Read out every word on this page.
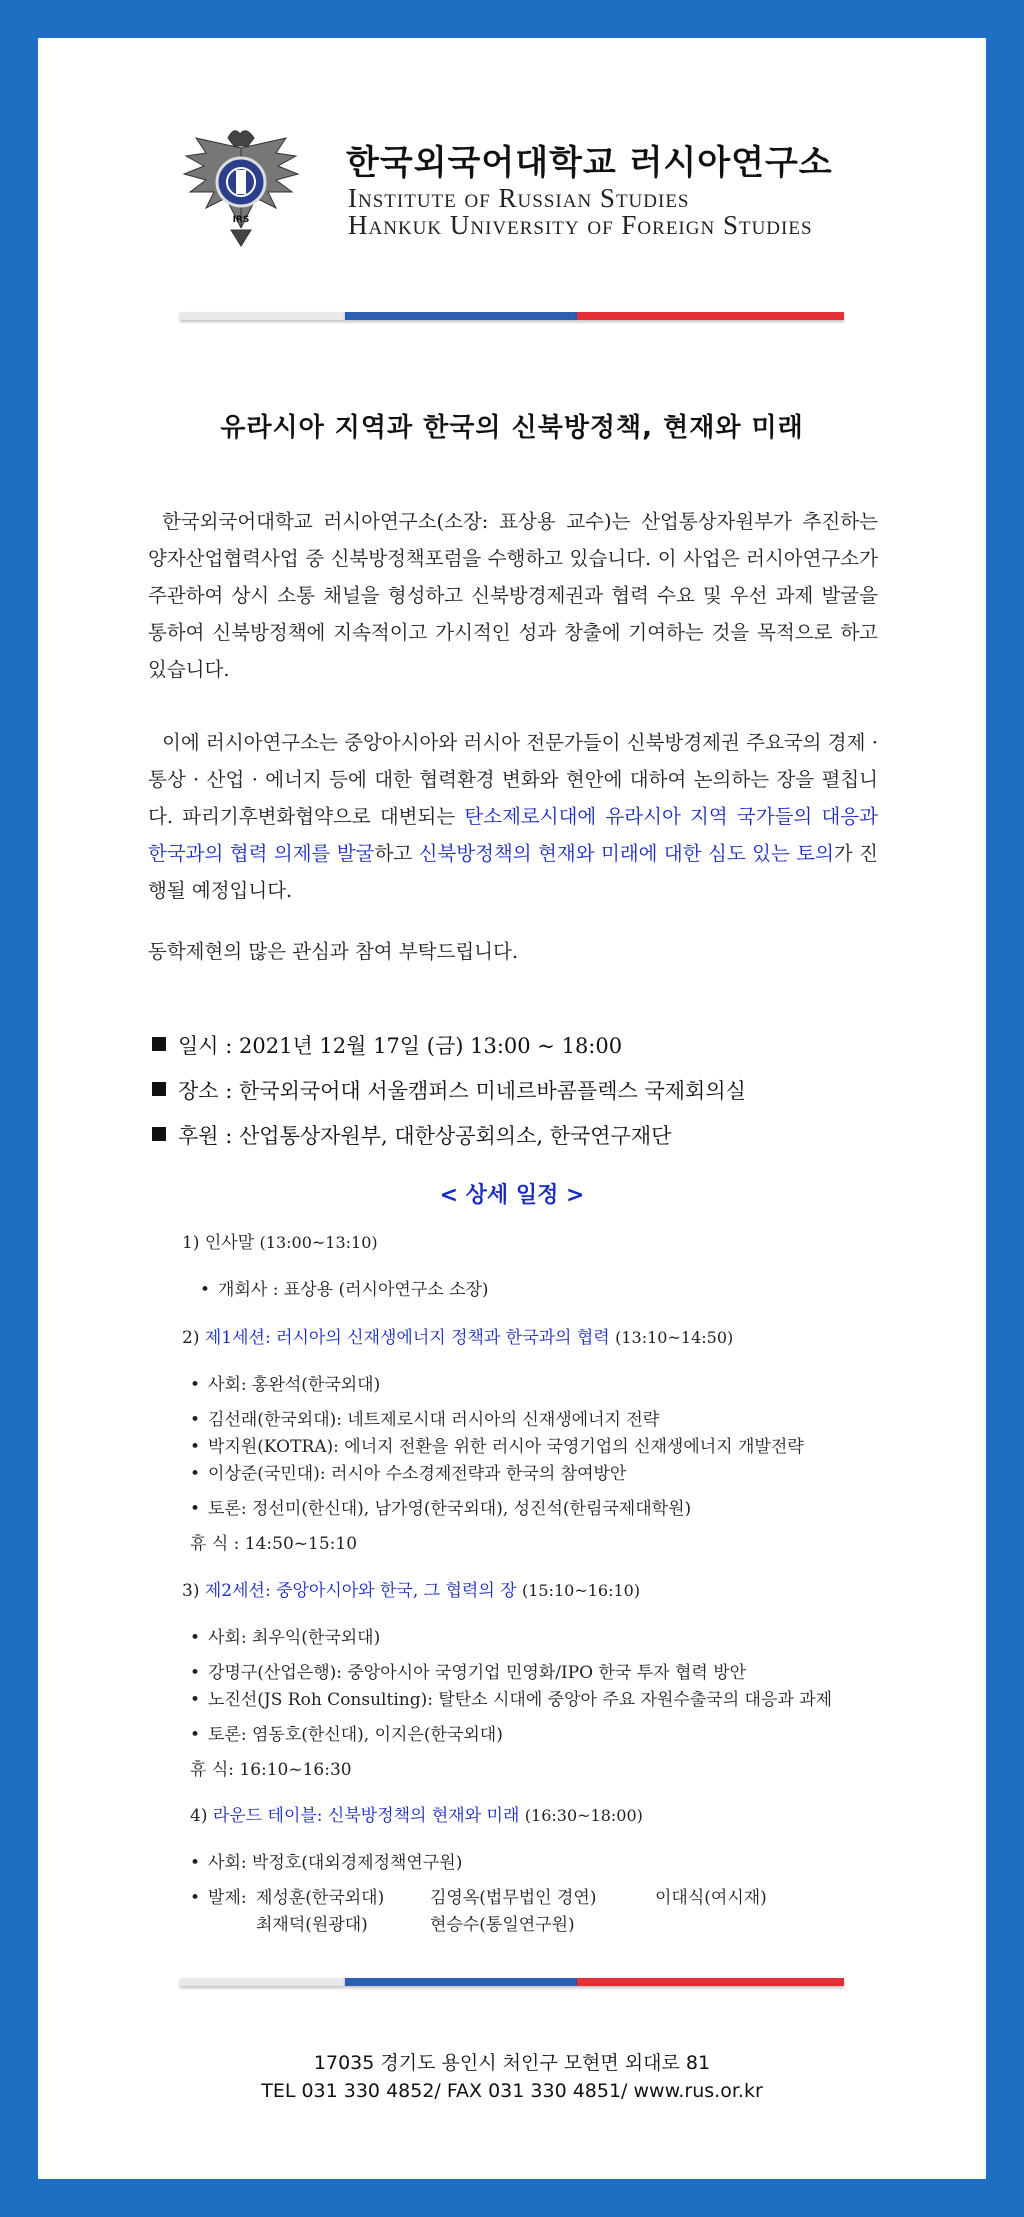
IRS
한국외국어대학교 러시아연구소
Institute of Russian Studies
Hankuk University of Foreign Studies
유라시아 지역과 한국의 신북방정책, 현재와 미래
한국외국어대학교 러시아연구소(소장: 표상용 교수)는 산업통상자원부가 추진하는 양자산업협력사업 중 신북방정책포럼을 수행하고 있습니다. 이 사업은 러시아연구소가 주관하여 상시 소통 채널을 형성하고 신북방경제권과 협력 수요 및 우선 과제 발굴을 통하여 신북방정책에 지속적이고 가시적인 성과 창출에 기여하는 것을 목적으로 하고 있습니다.
이에 러시아연구소는 중앙아시아와 러시아 전문가들이 신북방경제권 주요국의 경제 · 통상 · 산업 · 에너지 등에 대한 협력환경 변화와 현안에 대하여 논의하는 장을 펼칩니다. 파리기후변화협약으로 대변되는 탄소제로시대에 유라시아 지역 국가들의 대응과 한국과의 협력 의제를 발굴하고 신북방정책의 현재와 미래에 대한 심도 있는 토의가 진행될 예정입니다.
동학제현의 많은 관심과 참여 부탁드립니다.
일시 : 2021년 12월 17일 (금) 13:00 ~ 18:00
장소 : 한국외국어대 서울캠퍼스 미네르바콤플렉스 국제회의실
후원 : 산업통상자원부, 대한상공회의소, 한국연구재단
< 상세 일정 >
1) 인사말 (13:00~13:10)
• 개회사 : 표상용 (러시아연구소 소장)
2) 제1세션: 러시아의 신재생에너지 정책과 한국과의 협력 (13:10~14:50)
• 사회: 홍완석(한국외대)
• 김선래(한국외대): 네트제로시대 러시아의 신재생에너지 전략
• 박지원(KOTRA): 에너지 전환을 위한 러시아 국영기업의 신재생에너지 개발전략
• 이상준(국민대): 러시아 수소경제전략과 한국의 참여방안
• 토론: 정선미(한신대), 남가영(한국외대), 성진석(한림국제대학원)
휴 식 : 14:50~15:10
3) 제2세션: 중앙아시아와 한국, 그 협력의 장 (15:10~16:10)
• 사회: 최우익(한국외대)
• 강명구(산업은행): 중앙아시아 국영기업 민영화/IPO 한국 투자 협력 방안
• 노진선(JS Roh Consulting): 탈탄소 시대에 중앙아 주요 자원수출국의 대응과 과제
• 토론: 염동호(한신대), 이지은(한국외대)
휴 식: 16:10~16:30
4) 라운드 테이블: 신북방정책의 현재와 미래 (16:30~18:00)
• 사회: 박정호(대외경제정책연구원)
• 발제: 제성훈(한국외대)	김영옥(법무법인 경연)	이대식(여시재)
최재덕(원광대)	현승수(통일연구원)
17035 경기도 용인시 처인구 모현면 외대로 81
TEL 031 330 4852/ FAX 031 330 4851/ www.rus.or.kr
